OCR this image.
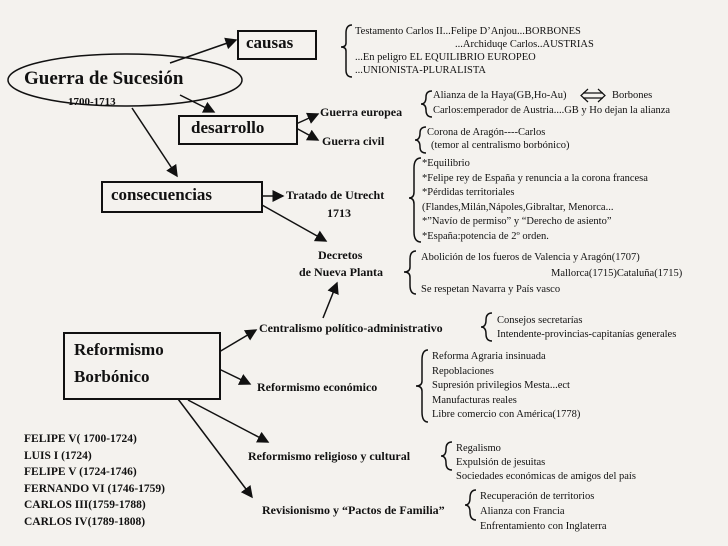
Guerra de Sucesión
1700-1713
causas
Testamento Carlos II...Felipe D’Anjou...BORBONES
...Archiduqe Carlos..AUSTRIAS
...En peligro EL EQUILIBRIO EUROPEO
...UNIONISTA-PLURALISTA
desarrollo
Guerra europea
Alianza de la Haya(GB,Ho-Au)	Borbones
Carlos:emperador de Austria....GB y Ho dejan la alianza
Guerra civil
Corona de Aragón----Carlos
(temor al centralismo borbónico)
consecuencias	Tratado de Utrecht
1713
*Equilibrio
*Felipe rey de España y renuncia a la corona francesa
*Pérdidas territoriales
(Flandes,Milán,Nápoles,Gibraltar, Menorca...
*”Navío de permiso” y “Derecho de asiento”
*España:potencia de 2º orden.
Decretos
de Nueva Planta
Abolición de los fueros de Valencia y Aragón(1707)
Mallorca(1715)Cataluña(1715)
Se respetan Navarra y País vasco
Reformismo
Borbónico
Centralismo político-administrativo
Consejos secretarías
Intendente-provincias-capitanías generales
Reformismo económico
Reforma Agraria insinuada
Repoblaciones
Supresión privilegios Mesta...ect
Manufacturas reales
Libre comercio con América(1778)
Reformismo religioso y cultural
Regalismo
Expulsión de jesuitas
Sociedades económicas de amigos del país
Revisionismo y “Pactos de Familia”
Recuperación de territorios
Alianza con Francia
Enfrentamiento con Inglaterra
FELIPE V( 1700-1724)
LUIS I (1724)
FELIPE V (1724-1746)
FERNANDO VI (1746-1759)
CARLOS III(1759-1788)
CARLOS IV(1789-1808)
